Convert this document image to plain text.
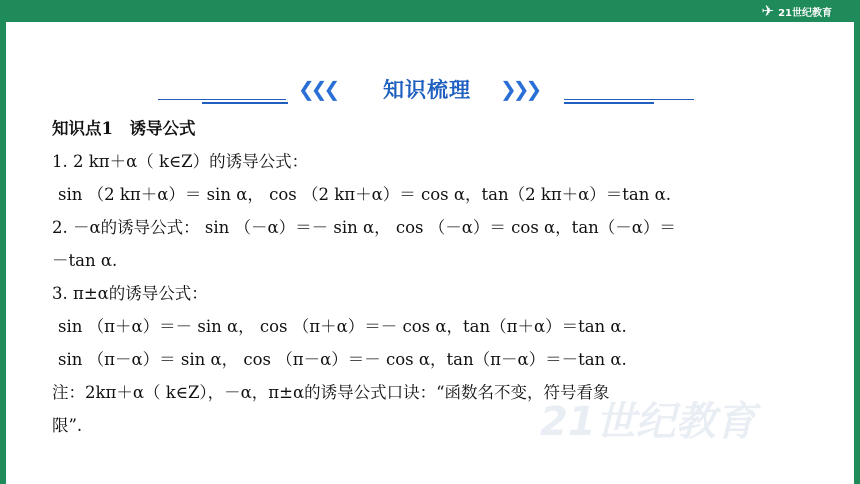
✈ 21世纪教育
❮❮❮	知识梳理	❯❯❯
知识点1　诱导公式
1. 2 kπ＋α（ k∈Z）的诱导公式：
sin （2 kπ＋α）＝ sin α， cos （2 kπ＋α）＝ cos α，tan（2 kπ＋α）＝tan α.
2. －α的诱导公式： sin （－α）＝－ sin α， cos （－α）＝ cos α，tan（－α）＝
－tan α.
3. π±α的诱导公式：
sin （π＋α）＝－ sin α， cos （π＋α）＝－ cos α，tan（π＋α）＝tan α.
sin （π－α）＝ sin α， cos （π－α）＝－ cos α，tan（π－α）＝－tan α.
注：2kπ＋α（ k∈Z），－α，π±α的诱导公式口诀：“函数名不变，符号看象
限”.	21世纪教育
